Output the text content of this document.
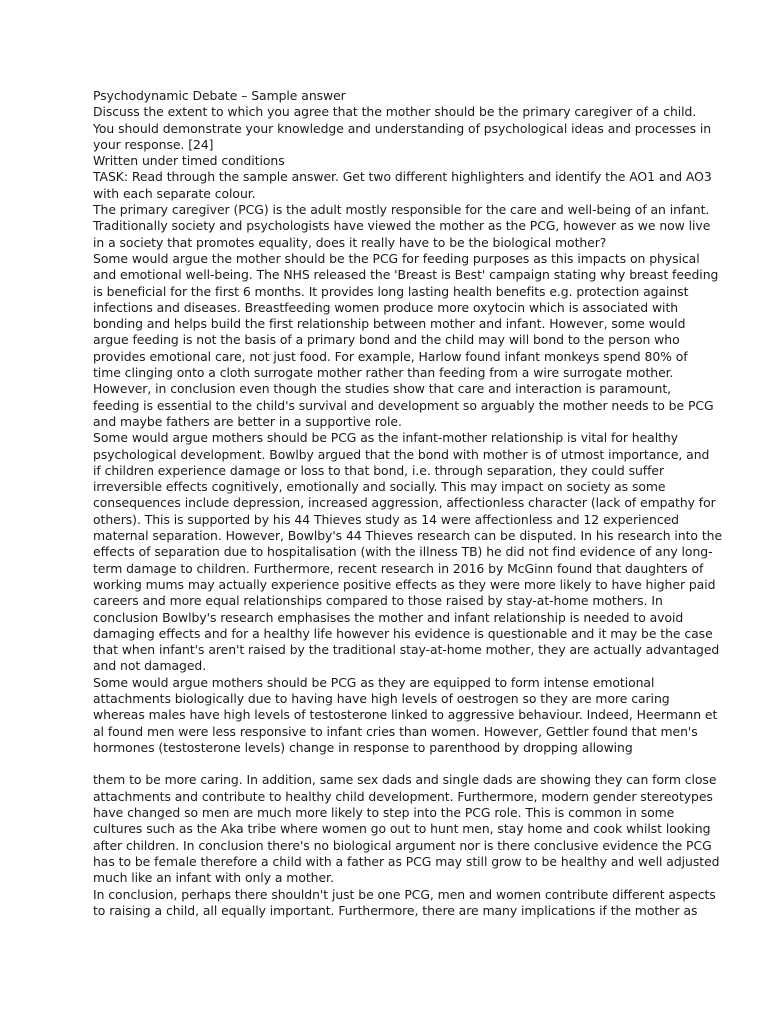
Psychodynamic Debate – Sample answer
Discuss the extent to which you agree that the mother should be the primary caregiver of a child.
You should demonstrate your knowledge and understanding of psychological ideas and processes in
your response. [24]
Written under timed conditions
TASK: Read through the sample answer. Get two different highlighters and identify the AO1 and AO3
with each separate colour.
The primary caregiver (PCG) is the adult mostly responsible for the care and well-being of an infant.
Traditionally society and psychologists have viewed the mother as the PCG, however as we now live
in a society that promotes equality, does it really have to be the biological mother?
Some would argue the mother should be the PCG for feeding purposes as this impacts on physical
and emotional well-being. The NHS released the 'Breast is Best' campaign stating why breast feeding
is beneficial for the first 6 months. It provides long lasting health benefits e.g. protection against
infections and diseases. Breastfeeding women produce more oxytocin which is associated with
bonding and helps build the first relationship between mother and infant. However, some would
argue feeding is not the basis of a primary bond and the child may will bond to the person who
provides emotional care, not just food. For example, Harlow found infant monkeys spend 80% of
time clinging onto a cloth surrogate mother rather than feeding from a wire surrogate mother.
However, in conclusion even though the studies show that care and interaction is paramount,
feeding is essential to the child's survival and development so arguably the mother needs to be PCG
and maybe fathers are better in a supportive role.
Some would argue mothers should be PCG as the infant-mother relationship is vital for healthy
psychological development. Bowlby argued that the bond with mother is of utmost importance, and
if children experience damage or loss to that bond, i.e. through separation, they could suffer
irreversible effects cognitively, emotionally and socially. This may impact on society as some
consequences include depression, increased aggression, affectionless character (lack of empathy for
others). This is supported by his 44 Thieves study as 14 were affectionless and 12 experienced
maternal separation. However, Bowlby's 44 Thieves research can be disputed. In his research into the
effects of separation due to hospitalisation (with the illness TB) he did not find evidence of any long-
term damage to children. Furthermore, recent research in 2016 by McGinn found that daughters of
working mums may actually experience positive effects as they were more likely to have higher paid
careers and more equal relationships compared to those raised by stay-at-home mothers. In
conclusion Bowlby's research emphasises the mother and infant relationship is needed to avoid
damaging effects and for a healthy life however his evidence is questionable and it may be the case
that when infant's aren't raised by the traditional stay-at-home mother, they are actually advantaged
and not damaged.
Some would argue mothers should be PCG as they are equipped to form intense emotional
attachments biologically due to having have high levels of oestrogen so they are more caring
whereas males have high levels of testosterone linked to aggressive behaviour. Indeed, Heermann et
al found men were less responsive to infant cries than women. However, Gettler found that men's
hormones (testosterone levels) change in response to parenthood by dropping allowing
them to be more caring. In addition, same sex dads and single dads are showing they can form close
attachments and contribute to healthy child development. Furthermore, modern gender stereotypes
have changed so men are much more likely to step into the PCG role. This is common in some
cultures such as the Aka tribe where women go out to hunt men, stay home and cook whilst looking
after children. In conclusion there's no biological argument nor is there conclusive evidence the PCG
has to be female therefore a child with a father as PCG may still grow to be healthy and well adjusted
much like an infant with only a mother.
In conclusion, perhaps there shouldn't just be one PCG, men and women contribute different aspects
to raising a child, all equally important. Furthermore, there are many implications if the mother as
